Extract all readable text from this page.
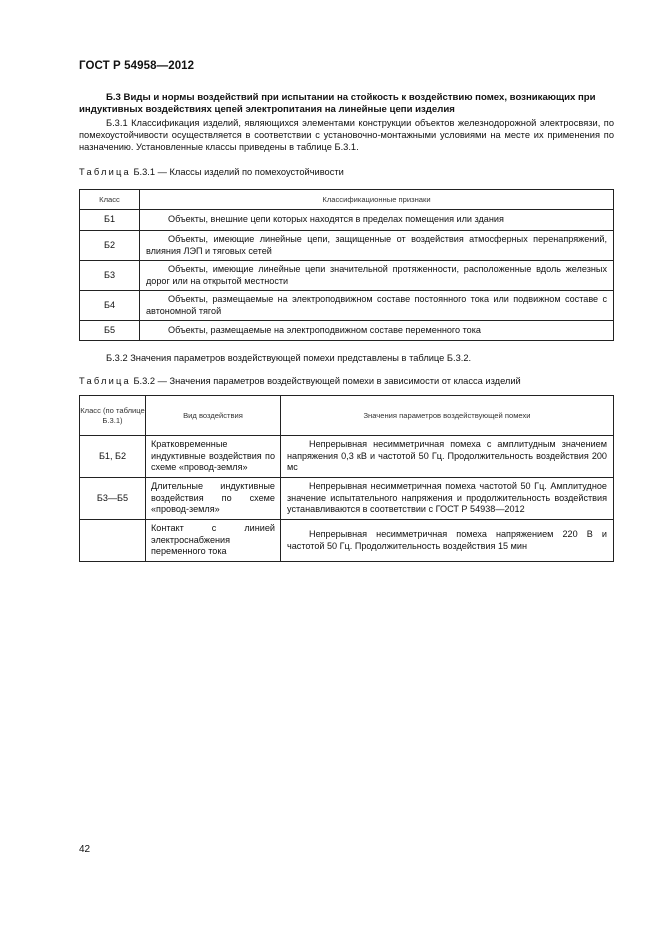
ГОСТ Р 54958—2012
Б.3 Виды и нормы воздействий при испытании на стойкость к воздействию помех, возникающих при индуктивных воздействиях цепей электропитания на линейные цепи изделия
Б.3.1 Классификация изделий, являющихся элементами конструкции объектов железнодорожной электросвязи, по помехоустойчивости осуществляется в соответствии с установочно-монтажными условиями на месте их применения по назначению. Установленные классы приведены в таблице Б.3.1.
Таблица Б.3.1 — Классы изделий по помехоустойчивости
Класс	Классификационные признаки
Б1	Объекты, внешние цепи которых находятся в пределах помещения или здания
Б2	Объекты, имеющие линейные цепи, защищенные от воздействия атмосферных перенапряжений, влияния ЛЭП и тяговых сетей
Б3	Объекты, имеющие линейные цепи значительной протяженности, расположенные вдоль железных дорог или на открытой местности
Б4	Объекты, размещаемые на электроподвижном составе постоянного тока или подвижном составе с автономной тягой
Б5	Объекты, размещаемые на электроподвижном составе переменного тока
Б.3.2 Значения параметров воздействующей помехи представлены в таблице Б.3.2.
Таблица Б.3.2 — Значения параметров воздействующей помехи в зависимости от класса изделий
Класс (по таблице Б.3.1)	Вид воздействия	Значения параметров воздействующей помехи
Б1, Б2	Кратковременные индуктивные воздействия по схеме «провод-земля»	Непрерывная несимметричная помеха с амплитудным значением напряжения 0,3 кВ и частотой 50 Гц. Продолжительность воздействия 200 мс
Б3—Б5	Длительные индуктивные воздействия по схеме «провод-земля»	Непрерывная несимметричная помеха частотой 50 Гц. Амплитудное значение испытательного напряжения и продолжительность воздействия устанавливаются в соответствии с ГОСТ Р 54938—2012
	Контакт с линией электроснабжения переменного тока	Непрерывная несимметричная помеха напряжением 220 В и частотой 50 Гц. Продолжительность воздействия 15 мин
42
